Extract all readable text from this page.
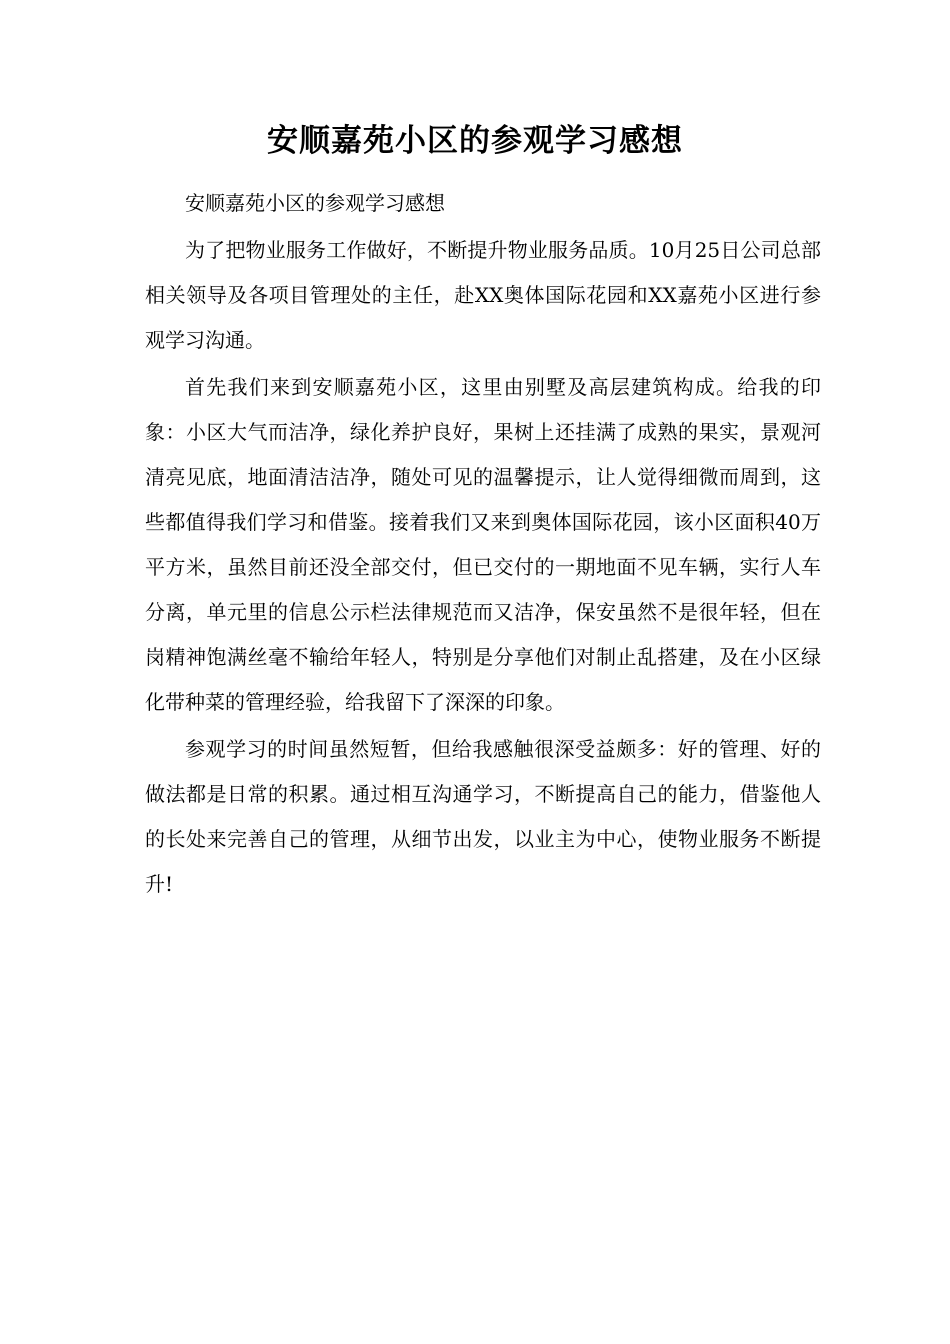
安顺嘉苑小区的参观学习感想

安顺嘉苑小区的参观学习感想

为了把物业服务工作做好，不断提升物业服务品质。10月25日公司总部相关领导及各项目管理处的主任，赴XX奥体国际花园和XX嘉苑小区进行参观学习沟通。

首先我们来到安顺嘉苑小区，这里由别墅及高层建筑构成。给我的印象：小区大气而洁净，绿化养护良好，果树上还挂满了成熟的果实，景观河清亮见底，地面清洁洁净，随处可见的温馨提示，让人觉得细微而周到，这些都值得我们学习和借鉴。接着我们又来到奥体国际花园，该小区面积40万平方米，虽然目前还没全部交付，但已交付的一期地面不见车辆，实行人车分离，单元里的信息公示栏法律规范而又洁净，保安虽然不是很年轻，但在岗精神饱满丝毫不输给年轻人，特别是分享他们对制止乱搭建，及在小区绿化带种菜的管理经验，给我留下了深深的印象。

参观学习的时间虽然短暂，但给我感触很深受益颇多：好的管理、好的做法都是日常的积累。通过相互沟通学习，不断提高自己的能力，借鉴他人的长处来完善自己的管理，从细节出发，以业主为中心，使物业服务不断提升!
